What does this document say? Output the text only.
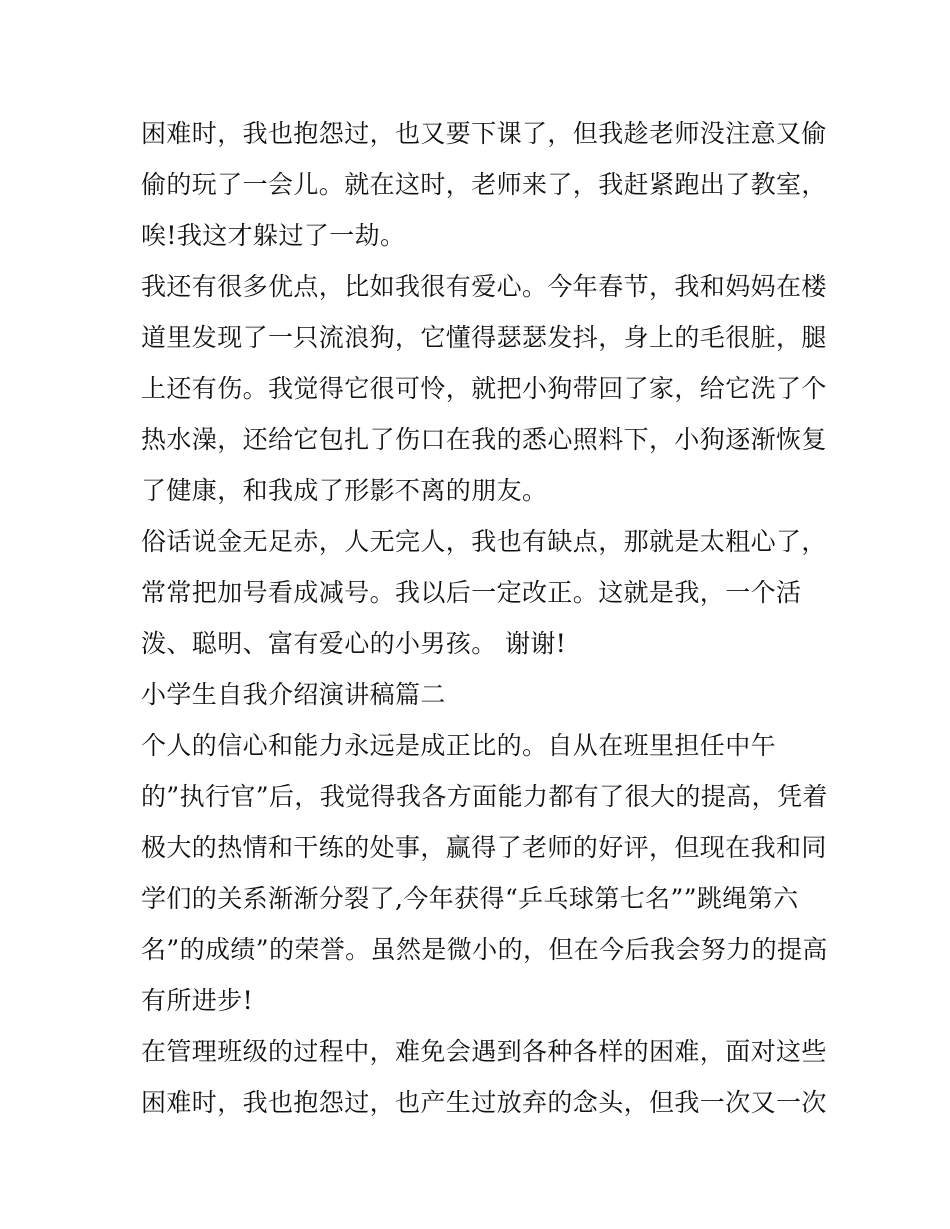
困难时，我也抱怨过，也又要下课了，但我趁老师没注意又偷
偷的玩了一会儿。就在这时，老师来了，我赶紧跑出了教室，
唉!我这才躲过了一劫。
我还有很多优点，比如我很有爱心。今年春节，我和妈妈在楼
道里发现了一只流浪狗，它懂得瑟瑟发抖，身上的毛很脏，腿
上还有伤。我觉得它很可怜，就把小狗带回了家，给它洗了个
热水澡，还给它包扎了伤口在我的悉心照料下，小狗逐渐恢复
了健康，和我成了形影不离的朋友。
俗话说金无足赤，人无完人，我也有缺点，那就是太粗心了，
常常把加号看成减号。我以后一定改正。这就是我，一个活
泼、聪明、富有爱心的小男孩。 谢谢!
小学生自我介绍演讲稿篇二
个人的信心和能力永远是成正比的。自从在班里担任中午
的”执行官”后，我觉得我各方面能力都有了很大的提高，凭着
极大的热情和干练的处事，赢得了老师的好评，但现在我和同
学们的关系渐渐分裂了,今年获得“乒乓球第七名””跳绳第六
名”的成绩”的荣誉。虽然是微小的，但在今后我会努力的提高
有所进步!
在管理班级的过程中，难免会遇到各种各样的困难，面对这些
困难时，我也抱怨过，也产生过放弃的念头，但我一次又一次
